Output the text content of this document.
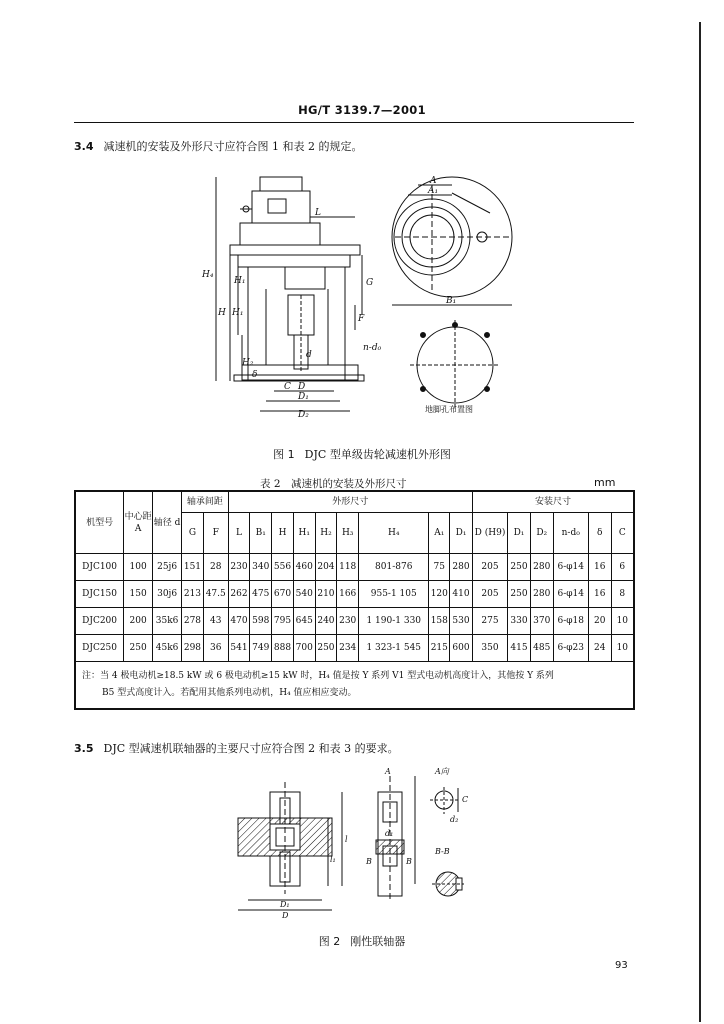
HG/T 3139.7—2001
3.4 减速机的安装及外形尺寸应符合图 1 和表 2 的规定。
H₄
H H₁
H₁
H₂
δ
L
G
F
d
n-d₀
C D
D₁
D₂
A
A₁
B₁
地脚孔布置图
图 1 DJC 型单级齿轮减速机外形图
表 2　减速机的安装及外形尺寸	mm
机型号	中心距 A	轴径 d	轴承间距		外形尺寸									安装尺寸					
			G	F	L	B₁	H	H₁	H₂	H₃	H₄	A₁	D₁	D (H9)	D₁	D₂	n-d₀	δ	C
DJC100	100	25j6	151	28	230	340	556	460	204	118	801-876	75	280	205	250	280	6-φ14	16	6
DJC150	150	30j6	213	47.5	262	475	670	540	210	166	955-1 105	120	410	205	250	280	6-φ14	16	8
DJC200	200	35k6	278	43	470	598	795	645	240	230	1 190-1 330	158	530	275	330	370	6-φ18	20	10
DJC250	250	45k6	298	36	541	749	888	700	250	234	1 323-1 545	215	600	350	415	485	6-φ23	24	10

注：当 4 极电动机≥18.5 kW 或 6 极电动机≥15 kW 时，H₄ 值是按 Y 系列 V1 型式电动机高度计入，其他按 Y 系列
B5 型式高度计入。若配用其他系列电动机，H₄ 值应相应变动。																			
3.5 DJC 型减速机联轴器的主要尺寸应符合图 2 和表 3 的要求。
A向
A
B-B
B	B
D₁
D
l
l₁
C
d₂
d₁
图 2 刚性联轴器
93
